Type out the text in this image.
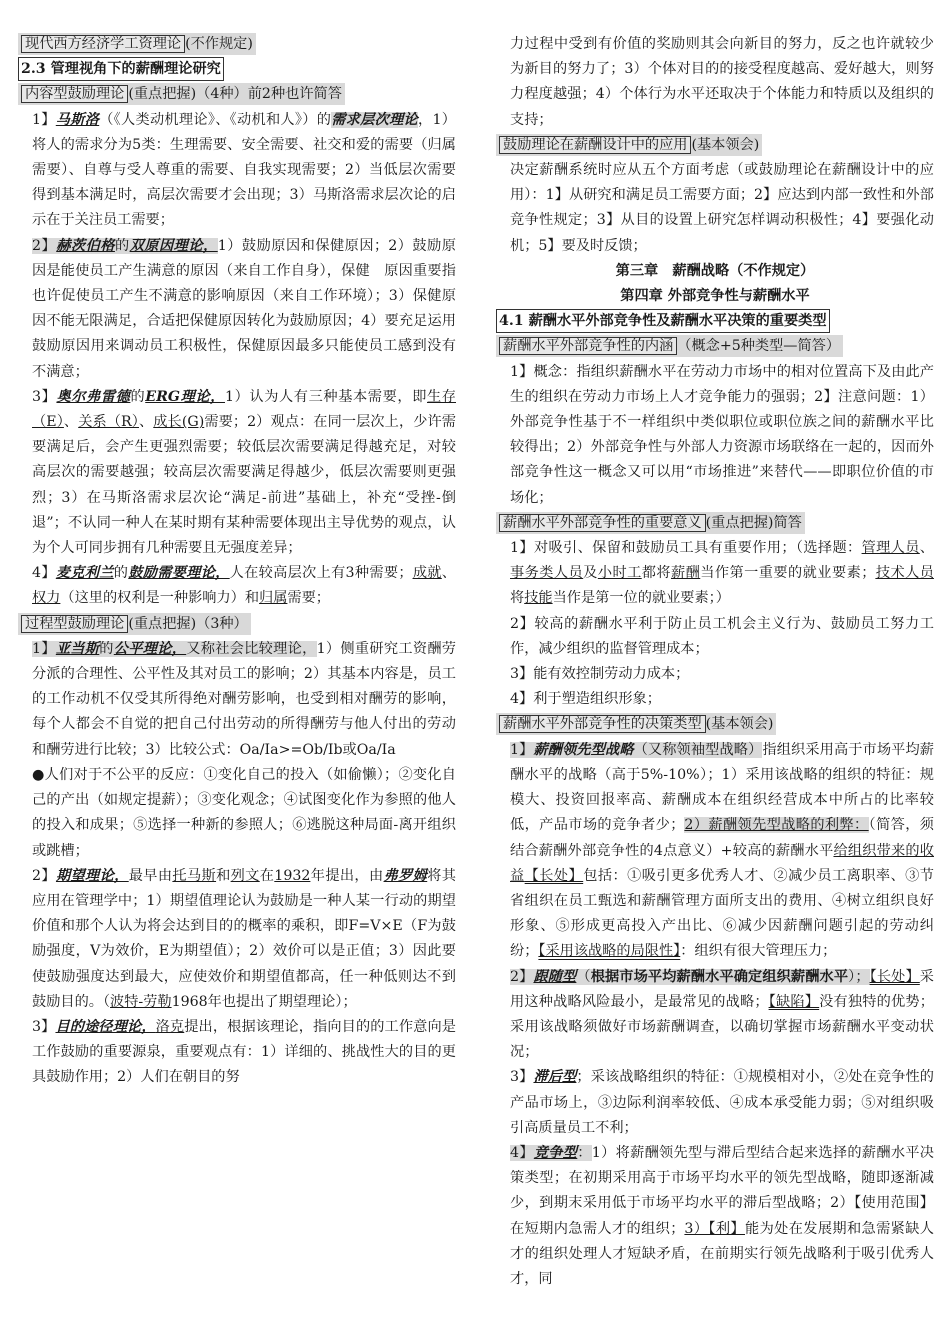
现代西方经济学工资理论 (不作规定)

2.3 管理视角下的薪酬理论研究

内容型鼓励理论 (重点把握)（4种）前2种也许简答

1】马斯洛（《人类动机理论》、《动机和人》）的需求层次理论，1）将人的需求分为5类：生理需要、安全需要、社交和爱的需要（归属需要）、自尊与受人尊重的需要、自我实现需要；2）当低层次需要得到基本满足时，高层次需要才会出现；3）马斯洛需求层次论的启示在于关注员工需要；

2】赫茨伯格的双原因理论，1）鼓励原因和保健原因；2）鼓励原因是能使员工产生满意的原因（来自工作自身），保健　原因重要指也许促使员工产生不满意的影响原因（来自工作环境）；3）保健原因不能无限满足，合适把保健原因转化为鼓励原因；4）要充足运用鼓励原因用来调动员工积极性，保健原因最多只能使员工感到没有不满意；

3】奥尔弗雷德的ERG理论，1）认为人有三种基本需要，即生存（E）、关系（R）、成长(G)需要；2）观点：在同一层次上，少许需要满足后，会产生更强烈需要；较低层次需要满足得越充足，对较高层次的需要越强；较高层次需要满足得越少，低层次需要则更强烈；3）在马斯洛需求层次论“满足-前进”基础上，补充“受挫-倒退”；不认同一种人在某时期有某种需要体现出主导优势的观点，认为个人可同步拥有几种需要且无强度差异；

4】麦克利兰的鼓励需要理论，人在较高层次上有3种需要；成就、权力（这里的权利是一种影响力）和归属需要；

过程型鼓励理论 (重点把握)（3种）

1】亚当斯的公平理论，又称社会比较理论，1）侧重研究工资酬劳分派的合理性、公平性及其对员工的影响；2）其基本内容是，员工的工作动机不仅受其所得绝对酬劳影响，也受到相对酬劳的影响，每个人都会不自觉的把自己付出劳动的所得酬劳与他人付出的劳动和酬劳进行比较；3）比较公式：Oa/Ia>=Ob/Ib或Oa/Ia

●人们对于不公平的反应：①变化自己的投入（如偷懒）；②变化自己的产出（如规定提薪）；③变化观念；④试图变化作为参照的他人的投入和成果；⑤选择一种新的参照人；⑥逃脱这种局面-离开组织或跳槽；

2】期望理论，最早由托马斯和列文在1932年提出，由弗罗姆将其应用在管理学中；1）期望值理论认为鼓励是一种人某一行动的期望价值和那个人认为将会达到目的的概率的乘积，即F=V×E（F为鼓励强度，V为效价，E为期望值）；2）效价可以是正值；3）因此要使鼓励强度达到最大，应使效价和期望值都高，任一种低则达不到鼓励目的。（波特-劳勒1968年也提出了期望理论）；

3】目的途径理论，洛克提出，根据该理论，指向目的的工作意向是工作鼓励的重要源泉，重要观点有：1）详细的、挑战性大的目的更具鼓励作用；2）人们在朝目的努

力过程中受到有价值的奖励则其会向新目的努力，反之也许就较少为新目的努力了；3）个体对目的的接受程度越高、爱好越大，则努力程度越强；4）个体行为水平还取决于个体能力和特质以及组织的支持；

鼓励理论在薪酬设计中的应用 (基本领会)

决定薪酬系统时应从五个方面考虑（或鼓励理论在薪酬设计中的应用）：1】从研究和满足员工需要方面；2】应达到内部一致性和外部竞争性规定；3】从目的设置上研究怎样调动积极性；4】要强化动机；5】要及时反馈；

第三章　薪酬战略（不作规定）

第四章 外部竞争性与薪酬水平

4.1 薪酬水平外部竞争性及薪酬水平决策的重要类型

薪酬水平外部竞争性的内涵 （概念+5种类型—简答）

1】概念：指组织薪酬水平在劳动力市场中的相对位置高下及由此产生的组织在劳动力市场上人才竞争能力的强弱；2】注意问题：1）外部竞争性基于不一样组织中类似职位或职位族之间的薪酬水平比较得出；2）外部竞争性与外部人力资源市场联络在一起的，因而外部竞争性这一概念又可以用“市场推进”来替代——即职位价值的市场化；

薪酬水平外部竞争性的重要意义 (重点把握)简答

1】对吸引、保留和鼓励员工具有重要作用；（选择题：管理人员、事务类人员及小时工都将薪酬当作第一重要的就业要素；技术人员将技能当作是第一位的就业要素；）

2】较高的薪酬水平利于防止员工机会主义行为、鼓励员工努力工作，减少组织的监督管理成本；

3】能有效控制劳动力成本；

4】利于塑造组织形象；

薪酬水平外部竞争性的决策类型 (基本领会)

1】薪酬领先型战略（又称领袖型战略）指组织采用高于市场平均薪酬水平的战略（高于5%-10%）；1）采用该战略的组织的特征：规模大、投资回报率高、薪酬成本在组织经营成本中所占的比率较低，产品市场的竞争者少；2）薪酬领先型战略的利弊：（简答，须结合薪酬外部竞争性的4点意义）+较高的薪酬水平给组织带来的收益【长处】包括：①吸引更多优秀人才、②减少员工离职率、③节省组织在员工甄选和薪酬管理方面所支出的费用、④树立组织良好形象、⑤形成更高投入产出比、⑥减少因薪酬问题引起的劳动纠纷；【采用该战略的局限性】：组织有很大管理压力；

2】跟随型（根据市场平均薪酬水平确定组织薪酬水平）；【长处】采用这种战略风险最小，是最常见的战略；【缺陷】没有独特的优势；采用该战略须做好市场薪酬调查，以确切掌握市场薪酬水平变动状况；

3】滞后型；采该战略组织的特征：①规模相对小，②处在竞争性的产品市场上，③边际利润率较低、④成本承受能力弱；⑤对组织吸引高质量员工不利；

4】竞争型：1）将薪酬领先型与滞后型结合起来选择的薪酬水平决策类型；在初期采用高于市场平均水平的领先型战略，随即逐渐减少，到期末采用低于市场平均水平的滞后型战略；2）【使用范围】在短期内急需人才的组织；3）【利】能为处在发展期和急需紧缺人才的组织处理人才短缺矛盾，在前期实行领先战略利于吸引优秀人才，同
